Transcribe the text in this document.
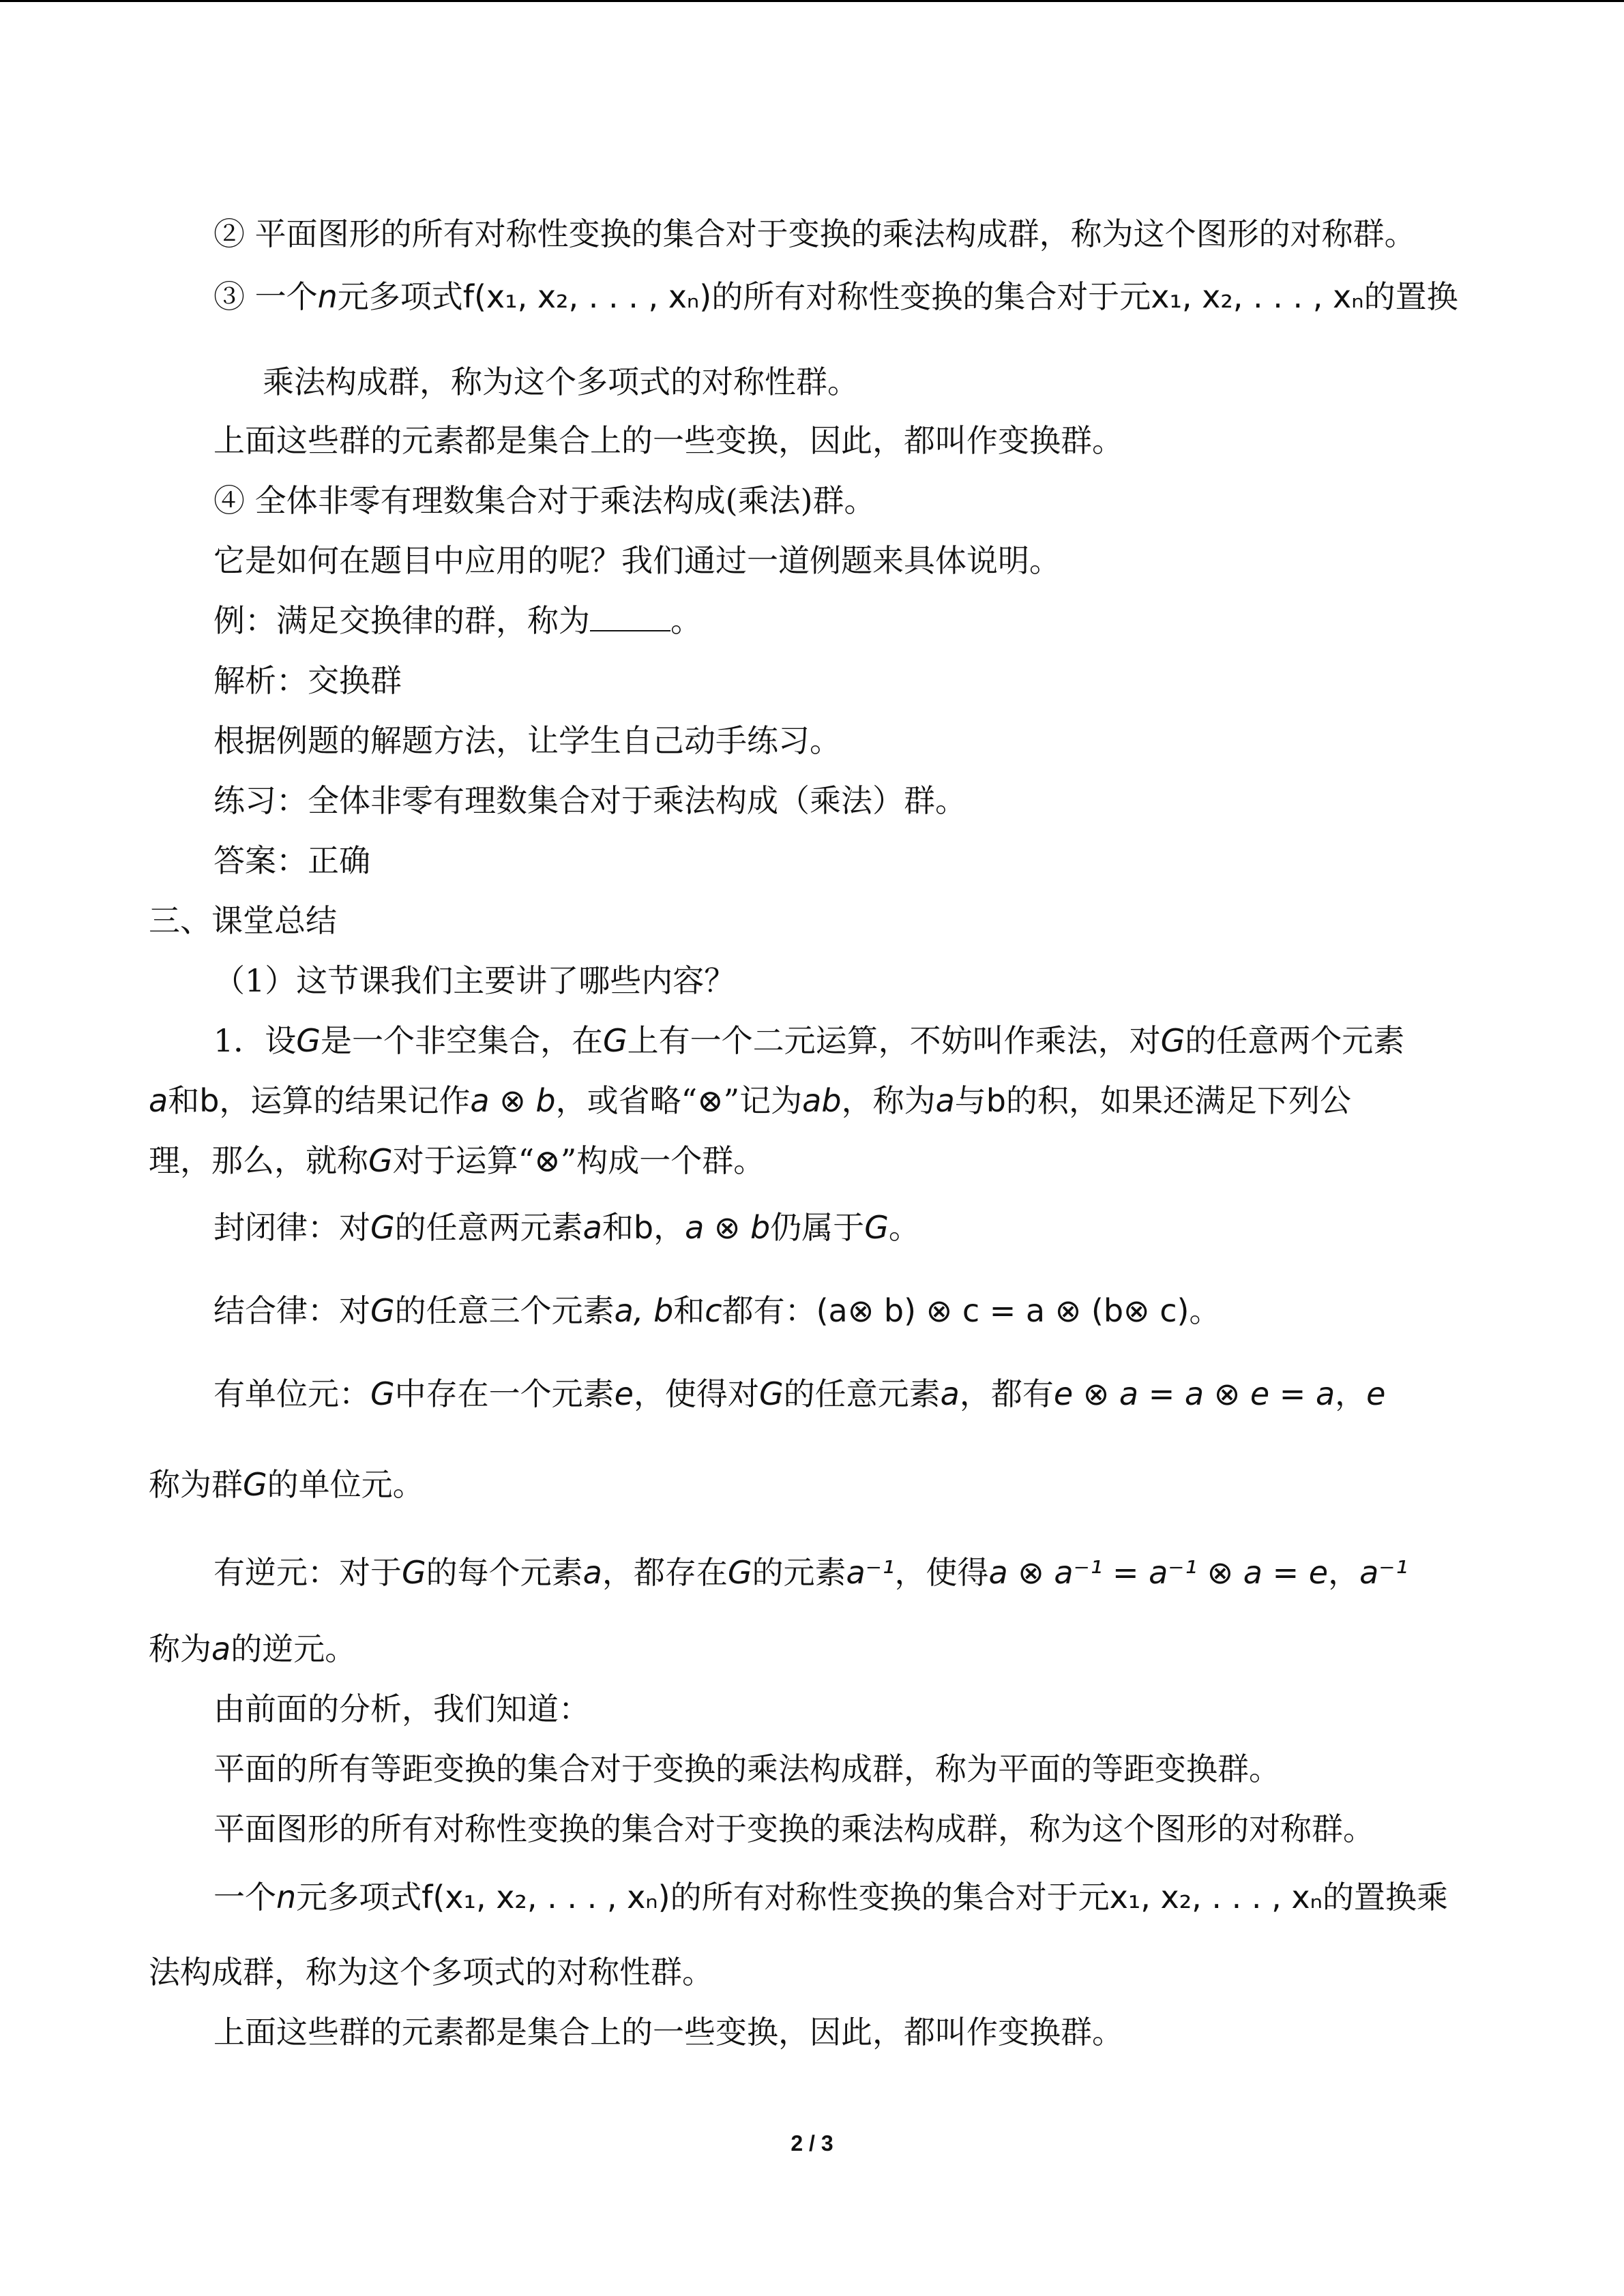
② 平面图形的所有对称性变换的集合对于变换的乘法构成群，称为这个图形的对称群。
③ 一个n元多项式f(x₁, x₂, . . . , xₙ)的所有对称性变换的集合对于元x₁, x₂, . . . , xₙ的置换
乘法构成群，称为这个多项式的对称性群。
上面这些群的元素都是集合上的一些变换，因此，都叫作变换群。
④ 全体非零有理数集合对于乘法构成(乘法)群。
它是如何在题目中应用的呢？我们通过一道例题来具体说明。
例：满足交换律的群，称为	。
解析：交换群
根据例题的解题方法，让学生自己动手练习。
练习：全体非零有理数集合对于乘法构成（乘法）群。
答案：正确
三、课堂总结
（1）这节课我们主要讲了哪些内容？
1．设G是一个非空集合，在G上有一个二元运算，不妨叫作乘法，对G的任意两个元素
a和b，运算的结果记作a ⊗ b，或省略“⊗”记为ab，称为a与b的积，如果还满足下列公
理，那么，就称G对于运算“⊗”构成一个群。
封闭律：对G的任意两元素a和b，a ⊗ b仍属于G。
结合律：对G的任意三个元素a, b和c都有：(a⊗ b) ⊗ c = a ⊗ (b⊗ c)。
有单位元：G中存在一个元素e，使得对G的任意元素a，都有e ⊗ a = a ⊗ e = a，e
称为群G的单位元。
有逆元：对于G的每个元素a，都存在G的元素a⁻¹，使得a ⊗ a⁻¹ = a⁻¹ ⊗ a = e，a⁻¹
称为a的逆元。
由前面的分析，我们知道：
平面的所有等距变换的集合对于变换的乘法构成群，称为平面的等距变换群。
平面图形的所有对称性变换的集合对于变换的乘法构成群，称为这个图形的对称群。
一个n元多项式f(x₁, x₂, . . . , xₙ)的所有对称性变换的集合对于元x₁, x₂, . . . , xₙ的置换乘
法构成群，称为这个多项式的对称性群。
上面这些群的元素都是集合上的一些变换，因此，都叫作变换群。
2 / 3
